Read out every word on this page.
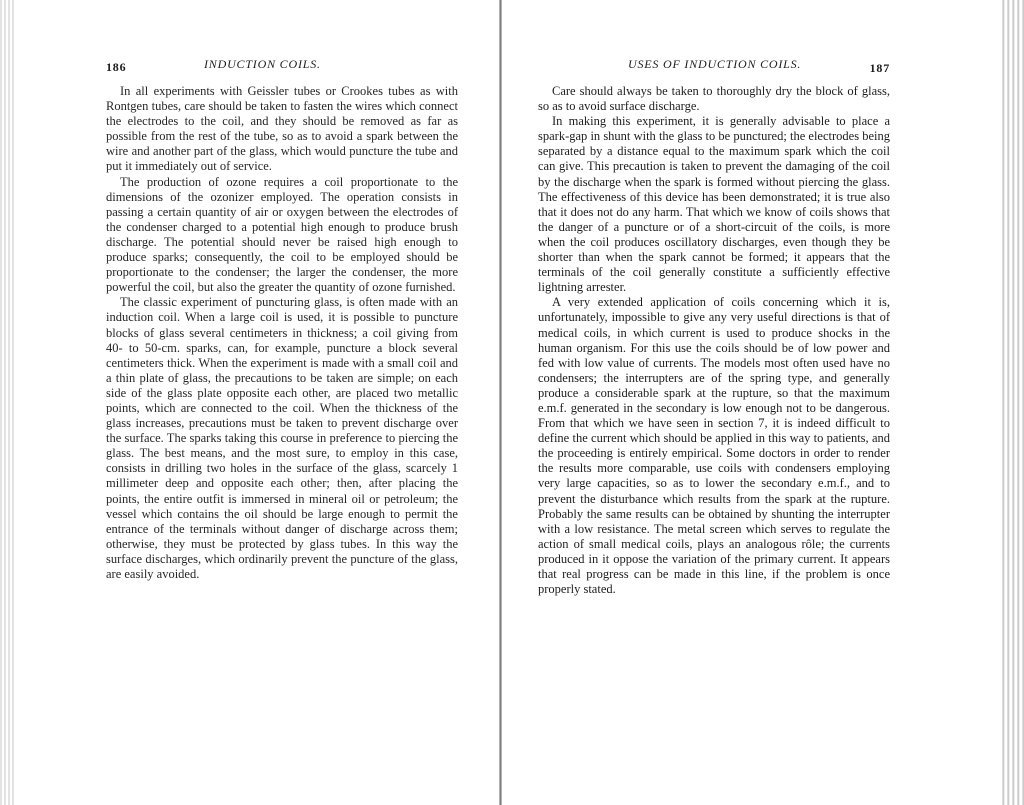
186	INDUCTION COILS.

In all experiments with Geissler tubes or Crookes tubes as with Rontgen tubes, care should be taken to fasten the wires which connect the electrodes to the coil, and they should be removed as far as possible from the rest of the tube, so as to avoid a spark between the wire and another part of the glass, which would puncture the tube and put it immediately out of service.

The production of ozone requires a coil proportionate to the dimensions of the ozonizer employed. The operation consists in passing a certain quantity of air or oxygen between the electrodes of the condenser charged to a potential high enough to produce brush discharge. The potential should never be raised high enough to produce sparks; consequently, the coil to be employed should be proportionate to the condenser; the larger the condenser, the more powerful the coil, but also the greater the quantity of ozone furnished.

The classic experiment of puncturing glass, is often made with an induction coil. When a large coil is used, it is possible to puncture blocks of glass several centimeters in thickness; a coil giving from 40- to 50-cm. sparks, can, for example, puncture a block several centimeters thick. When the experiment is made with a small coil and a thin plate of glass, the precautions to be taken are simple; on each side of the glass plate opposite each other, are placed two metallic points, which are connected to the coil. When the thickness of the glass increases, precautions must be taken to prevent discharge over the surface. The sparks taking this course in preference to piercing the glass. The best means, and the most sure, to employ in this case, consists in drilling two holes in the surface of the glass, scarcely 1 millimeter deep and opposite each other; then, after placing the points, the entire outfit is immersed in mineral oil or petroleum; the vessel which contains the oil should be large enough to permit the entrance of the terminals without danger of discharge across them; otherwise, they must be protected by glass tubes. In this way the surface discharges, which ordinarily prevent the puncture of the glass, are easily avoided.

USES OF INDUCTION COILS.	187

Care should always be taken to thoroughly dry the block of glass, so as to avoid surface discharge.

In making this experiment, it is generally advisable to place a spark-gap in shunt with the glass to be punctured; the electrodes being separated by a distance equal to the maximum spark which the coil can give. This precaution is taken to prevent the damaging of the coil by the discharge when the spark is formed without piercing the glass. The effectiveness of this device has been demonstrated; it is true also that it does not do any harm. That which we know of coils shows that the danger of a puncture or of a short-circuit of the coils, is more when the coil produces oscillatory discharges, even though they be shorter than when the spark cannot be formed; it appears that the terminals of the coil generally constitute a sufficiently effective lightning arrester.

A very extended application of coils concerning which it is, unfortunately, impossible to give any very useful directions is that of medical coils, in which current is used to produce shocks in the human organism. For this use the coils should be of low power and fed with low value of currents. The models most often used have no condensers; the interrupters are of the spring type, and generally produce a considerable spark at the rupture, so that the maximum e.m.f. generated in the secondary is low enough not to be dangerous. From that which we have seen in section 7, it is indeed difficult to define the current which should be applied in this way to patients, and the proceeding is entirely empirical. Some doctors in order to render the results more comparable, use coils with condensers employing very large capacities, so as to lower the secondary e.m.f., and to prevent the disturbance which results from the spark at the rupture. Probably the same results can be obtained by shunting the interrupter with a low resistance. The metal screen which serves to regulate the action of small medical coils, plays an analogous rôle; the currents produced in it oppose the variation of the primary current. It appears that real progress can be made in this line, if the problem is once properly stated.
